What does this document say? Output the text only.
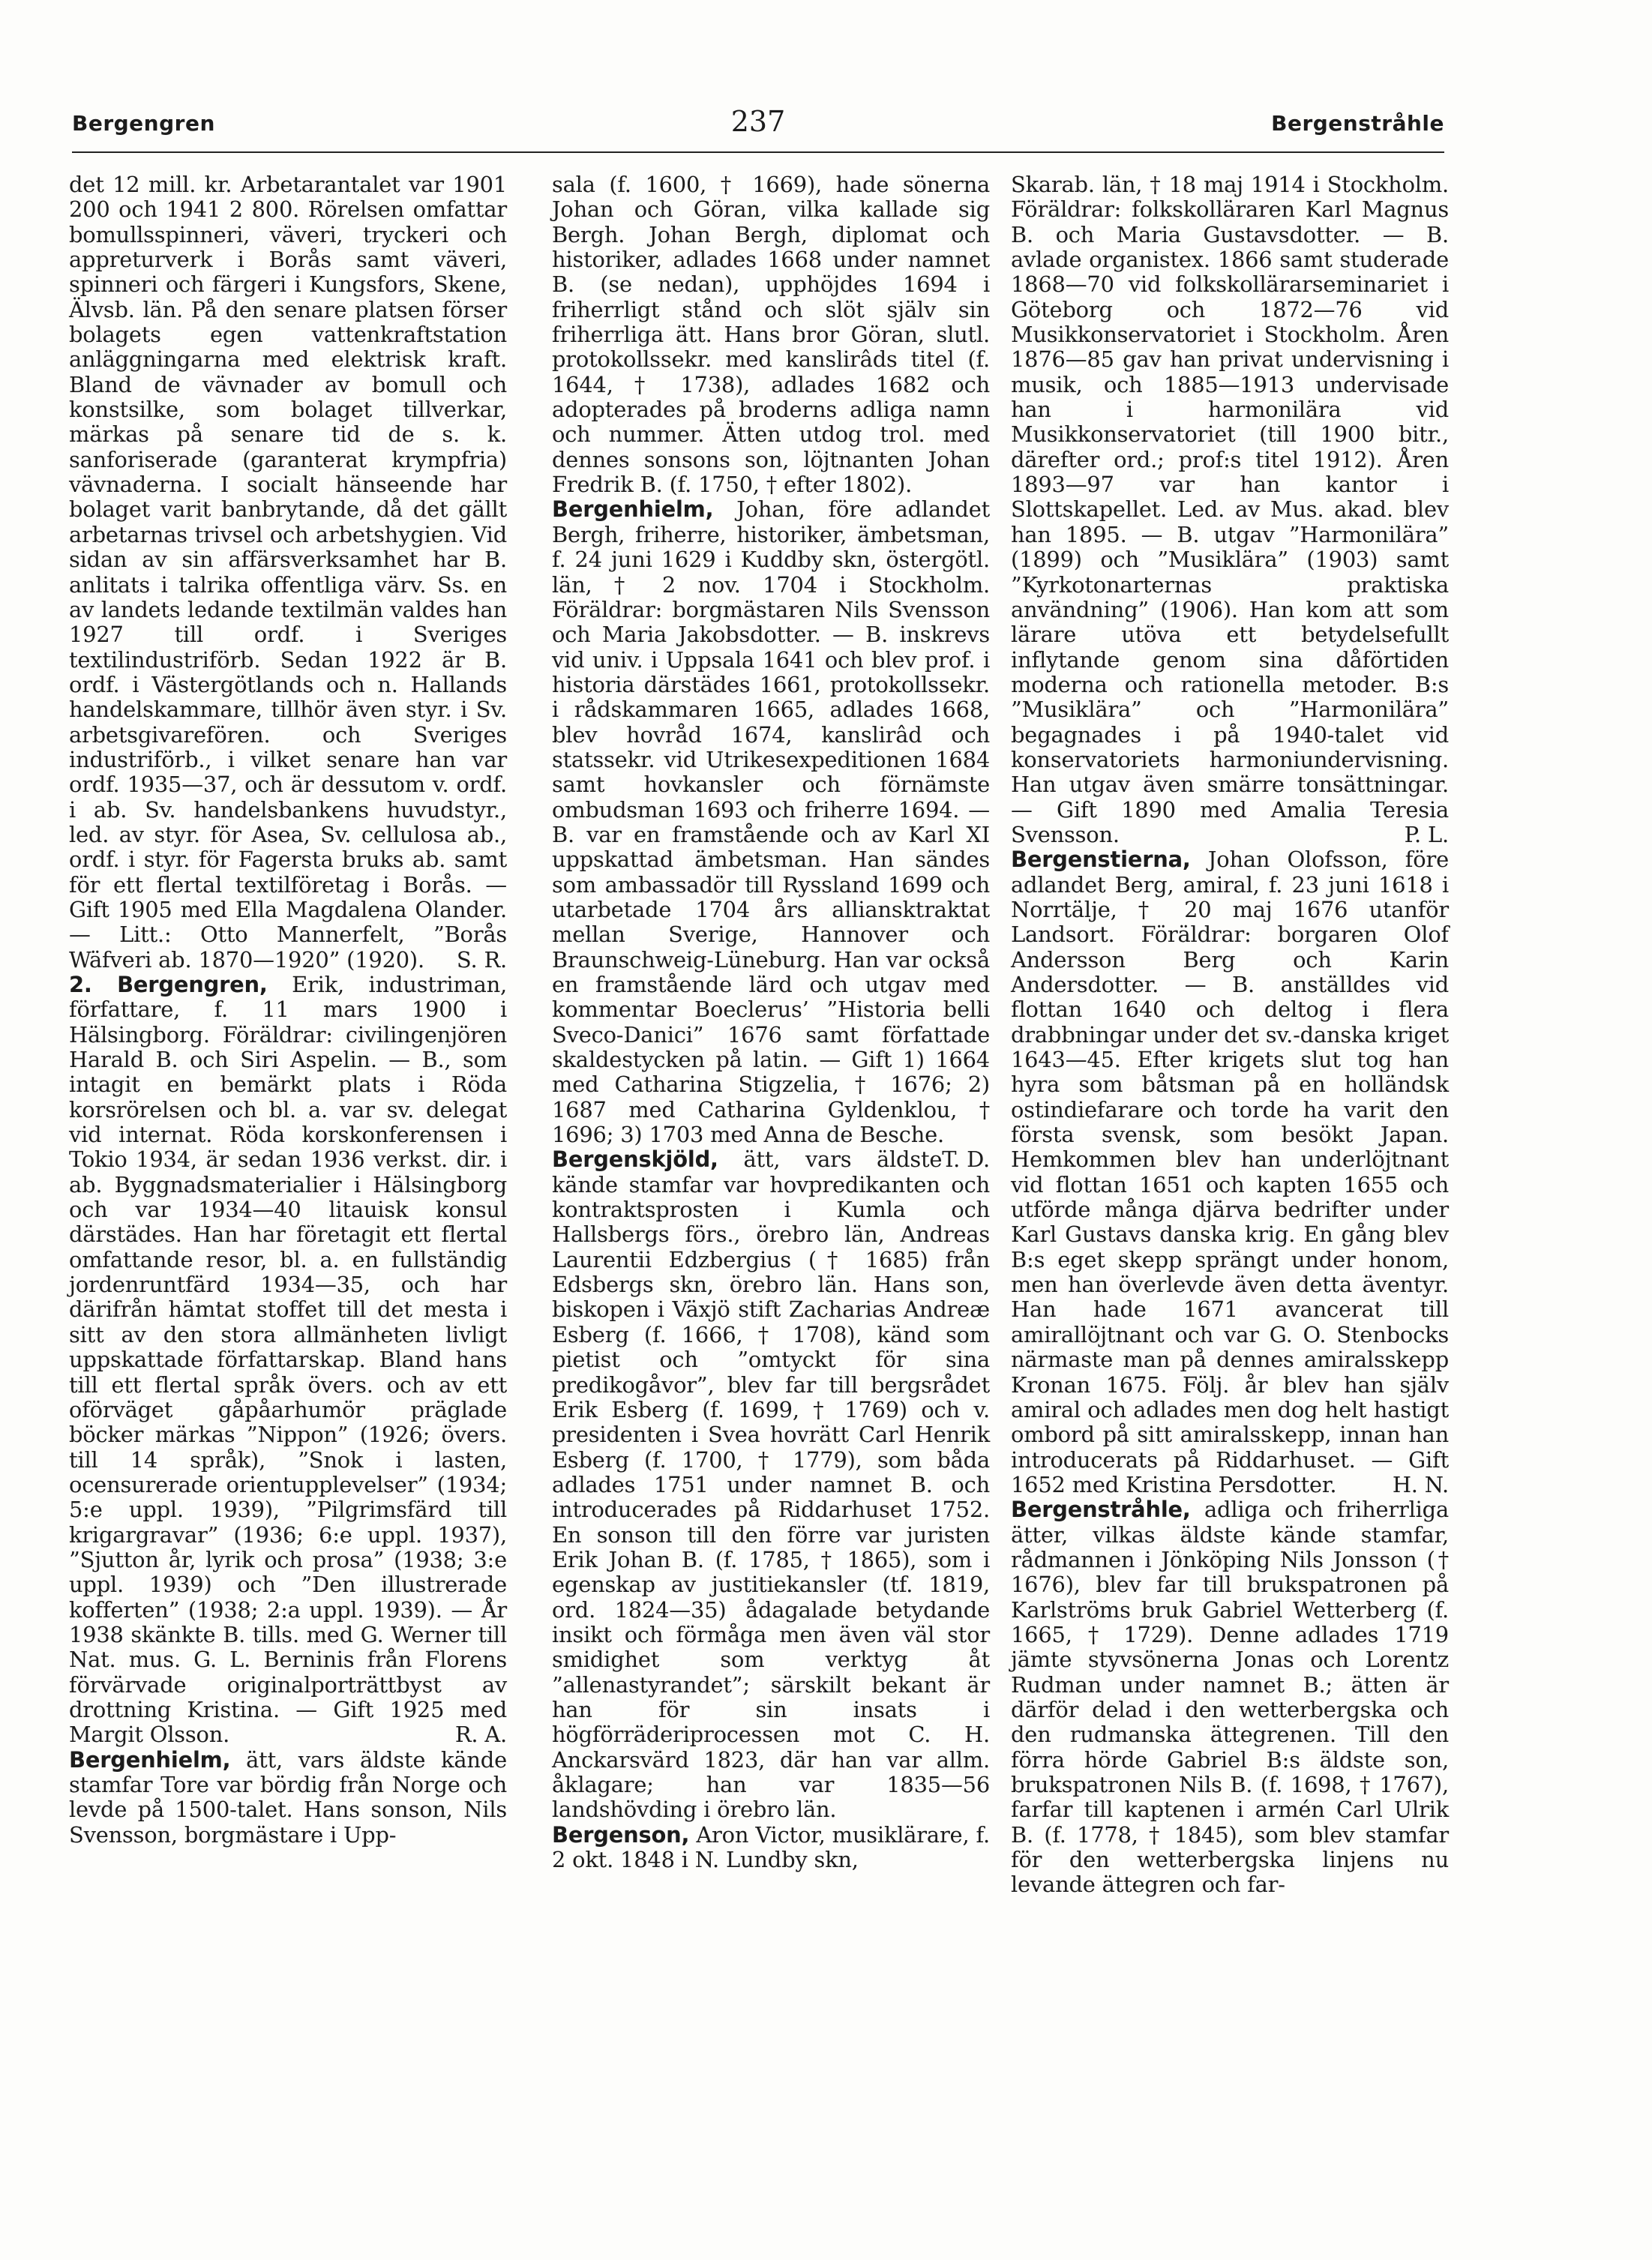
Bergengren	237	Bergenstråhle

det 12 mill. kr. Arbetarantalet var 1901 200 och 1941 2 800. Rörelsen omfattar bomullsspinneri, väveri, tryckeri och appreturverk i Borås samt väveri, spinneri och färgeri i Kungsfors, Skene, Älvsb. län. På den senare platsen förser bolagets egen vattenkraftstation anläggningarna med elektrisk kraft. Bland de vävnader av bomull och konstsilke, som bolaget tillverkar, märkas på senare tid de s. k. sanforiserade (garanterat krympfria) vävnaderna. I socialt hänseende har bolaget varit banbrytande, då det gällt arbetarnas trivsel och arbetshygien. Vid sidan av sin affärsverksamhet har B. anlitats i talrika offentliga värv. Ss. en av landets ledande textilmän valdes han 1927 till ordf. i Sveriges textilindustriförb. Sedan 1922 är B. ordf. i Västergötlands och n. Hallands handelskammare, tillhör även styr. i Sv. arbetsgivarefören. och Sveriges industriförb., i vilket senare han var ordf. 1935—37, och är dessutom v. ordf. i ab. Sv. handelsbankens huvudstyr., led. av styr. för Asea, Sv. cellulosa ab., ordf. i styr. för Fagersta bruks ab. samt för ett flertal textilföretag i Borås. — Gift 1905 med Ella Magdalena Olander. — Litt.: Otto Mannerfelt, ”Borås Wäfveri ab. 1870—1920” (1920). S. R.

2. Bergengren, Erik, industriman, författare, f. 11 mars 1900 i Hälsingborg. Föräldrar: civilingenjören Harald B. och Siri Aspelin. — B., som intagit en bemärkt plats i Röda korsrörelsen och bl. a. var sv. delegat vid internat. Röda korskonferensen i Tokio 1934, är sedan 1936 verkst. dir. i ab. Byggnadsmaterialier i Hälsingborg och var 1934—40 litauisk konsul därstädes. Han har företagit ett flertal omfattande resor, bl. a. en fullständig jordenruntfärd 1934—35, och har därifrån hämtat stoffet till det mesta i sitt av den stora allmänheten livligt uppskattade författarskap. Bland hans till ett flertal språk övers. och av ett oförväget gåpåarhumör präglade böcker märkas ”Nippon” (1926; övers. till 14 språk), ”Snok i lasten, ocensurerade orientupplevelser” (1934; 5:e uppl. 1939), ”Pilgrimsfärd till krigargravar” (1936; 6:e uppl. 1937), ”Sjutton år, lyrik och prosa” (1938; 3:e uppl. 1939) och ”Den illustrerade kofferten” (1938; 2:a uppl. 1939). — År 1938 skänkte B. tills. med G. Werner till Nat. mus. G. L. Berninis från Florens förvärvade originalporträttbyst av drottning Kristina. — Gift 1925 med Margit Olsson.	R. A.

Bergenhielm, ätt, vars äldste kände stamfar Tore var bördig från Norge och levde på 1500-talet. Hans sonson, Nils Svensson, borgmästare i Upp-

sala (f. 1600, † 1669), hade sönerna Johan och Göran, vilka kallade sig Bergh. Johan Bergh, diplomat och historiker, adlades 1668 under namnet B. (se nedan), upphöjdes 1694 i friherrligt stånd och slöt själv sin friherrliga ätt. Hans bror Göran, slutl. protokollssekr. med kanslirâds titel (f. 1644, † 1738), adlades 1682 och adopterades på broderns adliga namn och nummer. Ätten utdog trol. med dennes sonsons son, löjtnanten Johan Fredrik B. (f. 1750, † efter 1802).

Bergenhielm, Johan, före adlandet Bergh, friherre, historiker, ämbetsman, f. 24 juni 1629 i Kuddby skn, östergötl. län, † 2 nov. 1704 i Stockholm. Föräldrar: borgmästaren Nils Svensson och Maria Jakobsdotter. — B. inskrevs vid univ. i Uppsala 1641 och blev prof. i historia därstädes 1661, protokollssekr. i rådskammaren 1665, adlades 1668, blev hovråd 1674, kanslirâd och statssekr. vid Utrikesexpeditionen 1684 samt hovkansler och förnämste ombudsman 1693 och friherre 1694. — B. var en framstående och av Karl XI uppskattad ämbetsman. Han sändes som ambassadör till Ryssland 1699 och utarbetade 1704 års alliansktraktat mellan Sverige, Hannover och Braunschweig-Lüneburg. Han var också en framstående lärd och utgav med kommentar Boeclerus’ ”Historia belli Sveco-Danici” 1676 samt författade skaldestycken på latin. — Gift 1) 1664 med Catharina Stigzelia, † 1676; 2) 1687 med Catharina Gyldenklou, † 1696; 3) 1703 med Anna de Besche.
T. D.

Bergenskjöld, ätt, vars äldste kände stamfar var hovpredikanten och kontraktsprosten i Kumla och Hallsbergs förs., örebro län, Andreas Laurentii Edzbergius († 1685) från Edsbergs skn, örebro län. Hans son, biskopen i Växjö stift Zacharias Andreæ Esberg (f. 1666, † 1708), känd som pietist och ”omtyckt för sina predikogåvor”, blev far till bergsrådet Erik Esberg (f. 1699, † 1769) och v. presidenten i Svea hovrätt Carl Henrik Esberg (f. 1700, † 1779), som båda adlades 1751 under namnet B. och introducerades på Riddarhuset 1752. En sonson till den förre var juristen Erik Johan B. (f. 1785, † 1865), som i egenskap av justitiekansler (tf. 1819, ord. 1824—35) ådagalade betydande insikt och förmåga men även väl stor smidighet som verktyg åt ”allenastyrandet”; särskilt bekant är han för sin insats i högförräderiprocessen mot C. H. Anckarsvärd 1823, där han var allm. åklagare; han var 1835—56 landshövding i örebro län.

Bergenson, Aron Victor, musiklärare, f. 2 okt. 1848 i N. Lundby skn,

Skarab. län, † 18 maj 1914 i Stockholm. Föräldrar: folkskolläraren Karl Magnus B. och Maria Gustavsdotter. — B. avlade organistex. 1866 samt studerade 1868—70 vid folkskollärarseminariet i Göteborg och 1872—76 vid Musikkonservatoriet i Stockholm. Åren 1876—85 gav han privat undervisning i musik, och 1885—1913 undervisade han i harmonilära vid Musikkonservatoriet (till 1900 bitr., därefter ord.; prof:s titel 1912). Åren 1893—97 var han kantor i Slottskapellet. Led. av Mus. akad. blev han 1895. — B. utgav ”Harmonilära” (1899) och ”Musiklära” (1903) samt ”Kyrkotonarternas praktiska användning” (1906). Han kom att som lärare utöva ett betydelsefullt inflytande genom sina dåförtiden moderna och rationella metoder. B:s ”Musiklära” och ”Harmonilära” begagnades i på 1940-talet vid konservatoriets harmoniundervisning. Han utgav även smärre tonsättningar. — Gift 1890 med Amalia Teresia Svensson.	P. L.

Bergenstierna, Johan Olofsson, före adlandet Berg, amiral, f. 23 juni 1618 i Norrtälje, † 20 maj 1676 utanför Landsort. Föräldrar: borgaren Olof Andersson Berg och Karin Andersdotter. — B. anställdes vid flottan 1640 och deltog i flera drabbningar under det sv.-danska kriget 1643—45. Efter krigets slut tog han hyra som båtsman på en holländsk ostindiefarare och torde ha varit den första svensk, som besökt Japan. Hemkommen blev han underlöjtnant vid flottan 1651 och kapten 1655 och utförde många djärva bedrifter under Karl Gustavs danska krig. En gång blev B:s eget skepp sprängt under honom, men han överlevde även detta äventyr. Han hade 1671 avancerat till amirallöjtnant och var G. O. Stenbocks närmaste man på dennes amiralsskepp Kronan 1675. Följ. år blev han själv amiral och adlades men dog helt hastigt ombord på sitt amiralsskepp, innan han introducerats på Riddarhuset. — Gift 1652 med Kristina Persdotter.	H. N.

Bergenstråhle, adliga och friherrliga ätter, vilkas äldste kände stamfar, rådmannen i Jönköping Nils Jonsson († 1676), blev far till brukspatronen på Karlströms bruk Gabriel Wetterberg (f. 1665, † 1729). Denne adlades 1719 jämte styvsönerna Jonas och Lorentz Rudman under namnet B.; ätten är därför delad i den wetterbergska och den rudmanska ättegrenen. Till den förra hörde Gabriel B:s äldste son, brukspatronen Nils B. (f. 1698, † 1767), farfar till kaptenen i armén Carl Ulrik B. (f. 1778, † 1845), som blev stamfar för den wetterbergska linjens nu levande ättegren och far-
